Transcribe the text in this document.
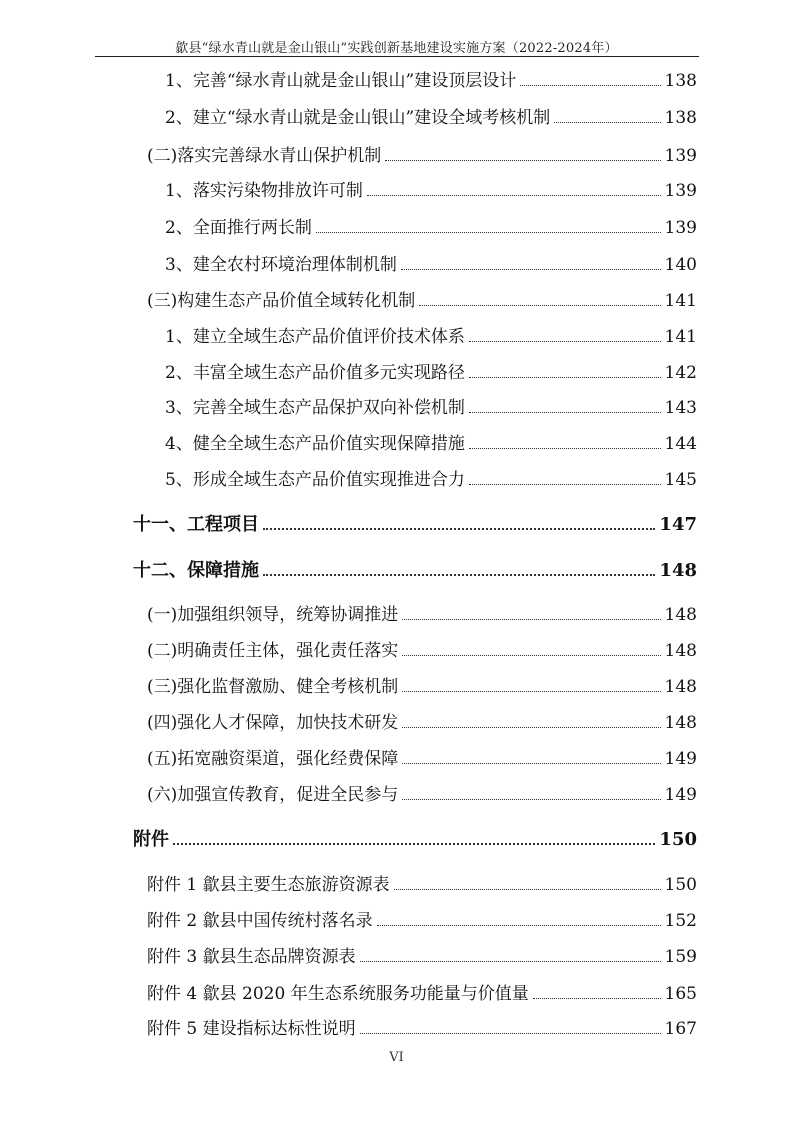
歙县“绿水青山就是金山银山”实践创新基地建设实施方案（2022-2024年）
1、完善“绿水青山就是金山银山”建设顶层设计	138
2、建立“绿水青山就是金山银山”建设全域考核机制	138
(二)落实完善绿水青山保护机制	139
1、落实污染物排放许可制	139
2、全面推行两长制	139
3、建全农村环境治理体制机制	140
(三)构建生态产品价值全域转化机制	141
1、建立全域生态产品价值评价技术体系	141
2、丰富全域生态产品价值多元实现路径	142
3、完善全域生态产品保护双向补偿机制	143
4、健全全域生态产品价值实现保障措施	144
5、形成全域生态产品价值实现推进合力	145
十一、工程项目	147
十二、保障措施	148
(一)加强组织领导，统筹协调推进	148
(二)明确责任主体，强化责任落实	148
(三)强化监督激励、健全考核机制	148
(四)强化人才保障，加快技术研发	148
(五)拓宽融资渠道，强化经费保障	149
(六)加强宣传教育，促进全民参与	149
附件	150
附件 1 歙县主要生态旅游资源表	150
附件 2 歙县中国传统村落名录	152
附件 3 歙县生态品牌资源表	159
附件 4 歙县 2020 年生态系统服务功能量与价值量	165
附件 5 建设指标达标性说明	167
VI
